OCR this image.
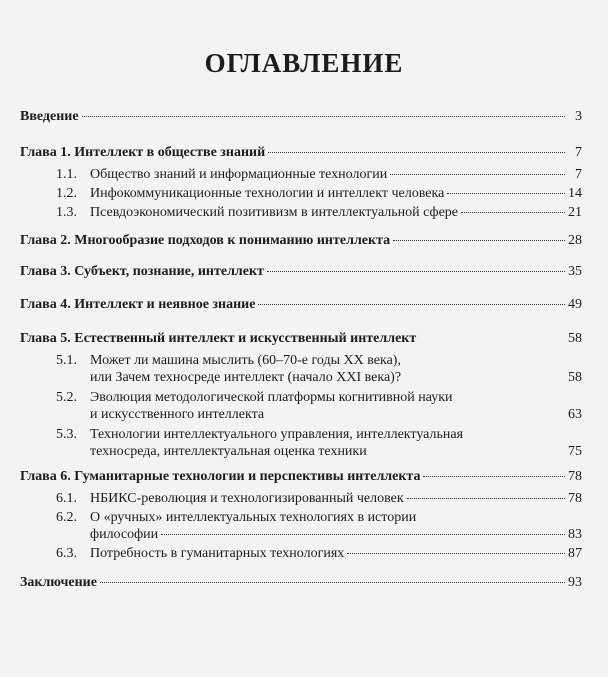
ОГЛАВЛЕНИЕ
Введение	3
Глава 1. Интеллект в обществе знаний	7
1.1. Общество знаний и информационные технологии	7
1.2. Инфокоммуникационные технологии и интеллект человека	14
1.3. Псевдоэкономический позитивизм в интеллектуальной сфере	21
Глава 2. Многообразие подходов к пониманию интеллекта	28
Глава 3. Субъект, познание, интеллект	35
Глава 4. Интеллект и неявное знание	49
Глава 5. Естественный интеллект и искусственный интеллект	58
5.1. Может ли машина мыслить (60–70-е годы ХХ века),
или Зачем техносреде интеллект (начало XXI века)?	58
5.2. Эволюция методологической платформы когнитивной науки
и искусственного интеллекта	63
5.3. Технологии интеллектуального управления, интеллектуальная
техносреда, интеллектуальная оценка техники	75
Глава 6. Гуманитарные технологии и перспективы интеллекта	78
6.1. НБИКС-революция и технологизированный человек	78
6.2. О «ручных» интеллектуальных технологиях в истории
философии	83
6.3. Потребность в гуманитарных технологиях	87
Заключение	93
